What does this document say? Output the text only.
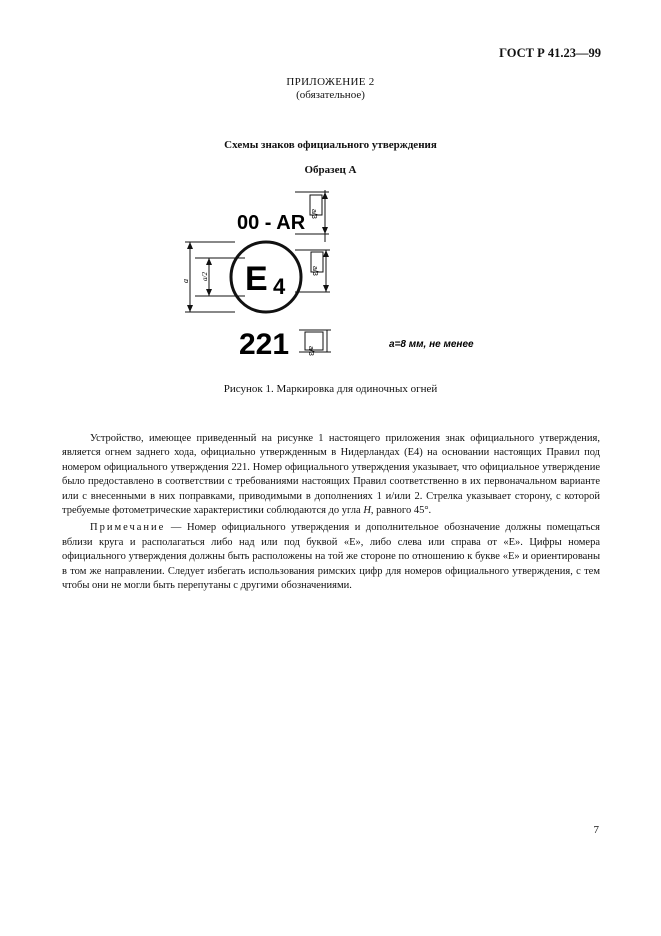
ГОСТ Р 41.23—99
ПРИЛОЖЕНИЕ 2
(обязательное)
Схемы знаков официального утверждения
Образец А
00 - AR a/3
a a/2 E 4
a/3
221	a/3
a=8 мм, не менее
Рисунок 1. Маркировка для одиночных огней

Устройство, имеющее приведенный на рисунке 1 настоящего приложения знак официального утверждения, является огнем заднего хода, официально утвержденным в Нидерландах (Е4) на основании настоящих Правил под номером официального утверждения 221. Номер официального утверждения указывает, что официальное утверждение было предоставлено в соответствии с требованиями настоящих Правил соответственно в их первоначальном варианте или с внесенными в них поправками, приводимыми в дополнениях 1 и/или 2. Стрелка указывает сторону, с которой требуемые фотометрические характеристики соблюдаются до угла H, равного 45°.

Примечание — Номер официального утверждения и дополнительное обозначение должны помещаться вблизи круга и располагаться либо над или под буквой «Е», либо слева или справа от «Е». Цифры номера официального утверждения должны быть расположены на той же стороне по отношению к букве «Е» и ориентированы в том же направлении. Следует избегать использования римских цифр для номеров официального утверждения, с тем чтобы они не могли быть перепутаны с другими обозначениями.

7
